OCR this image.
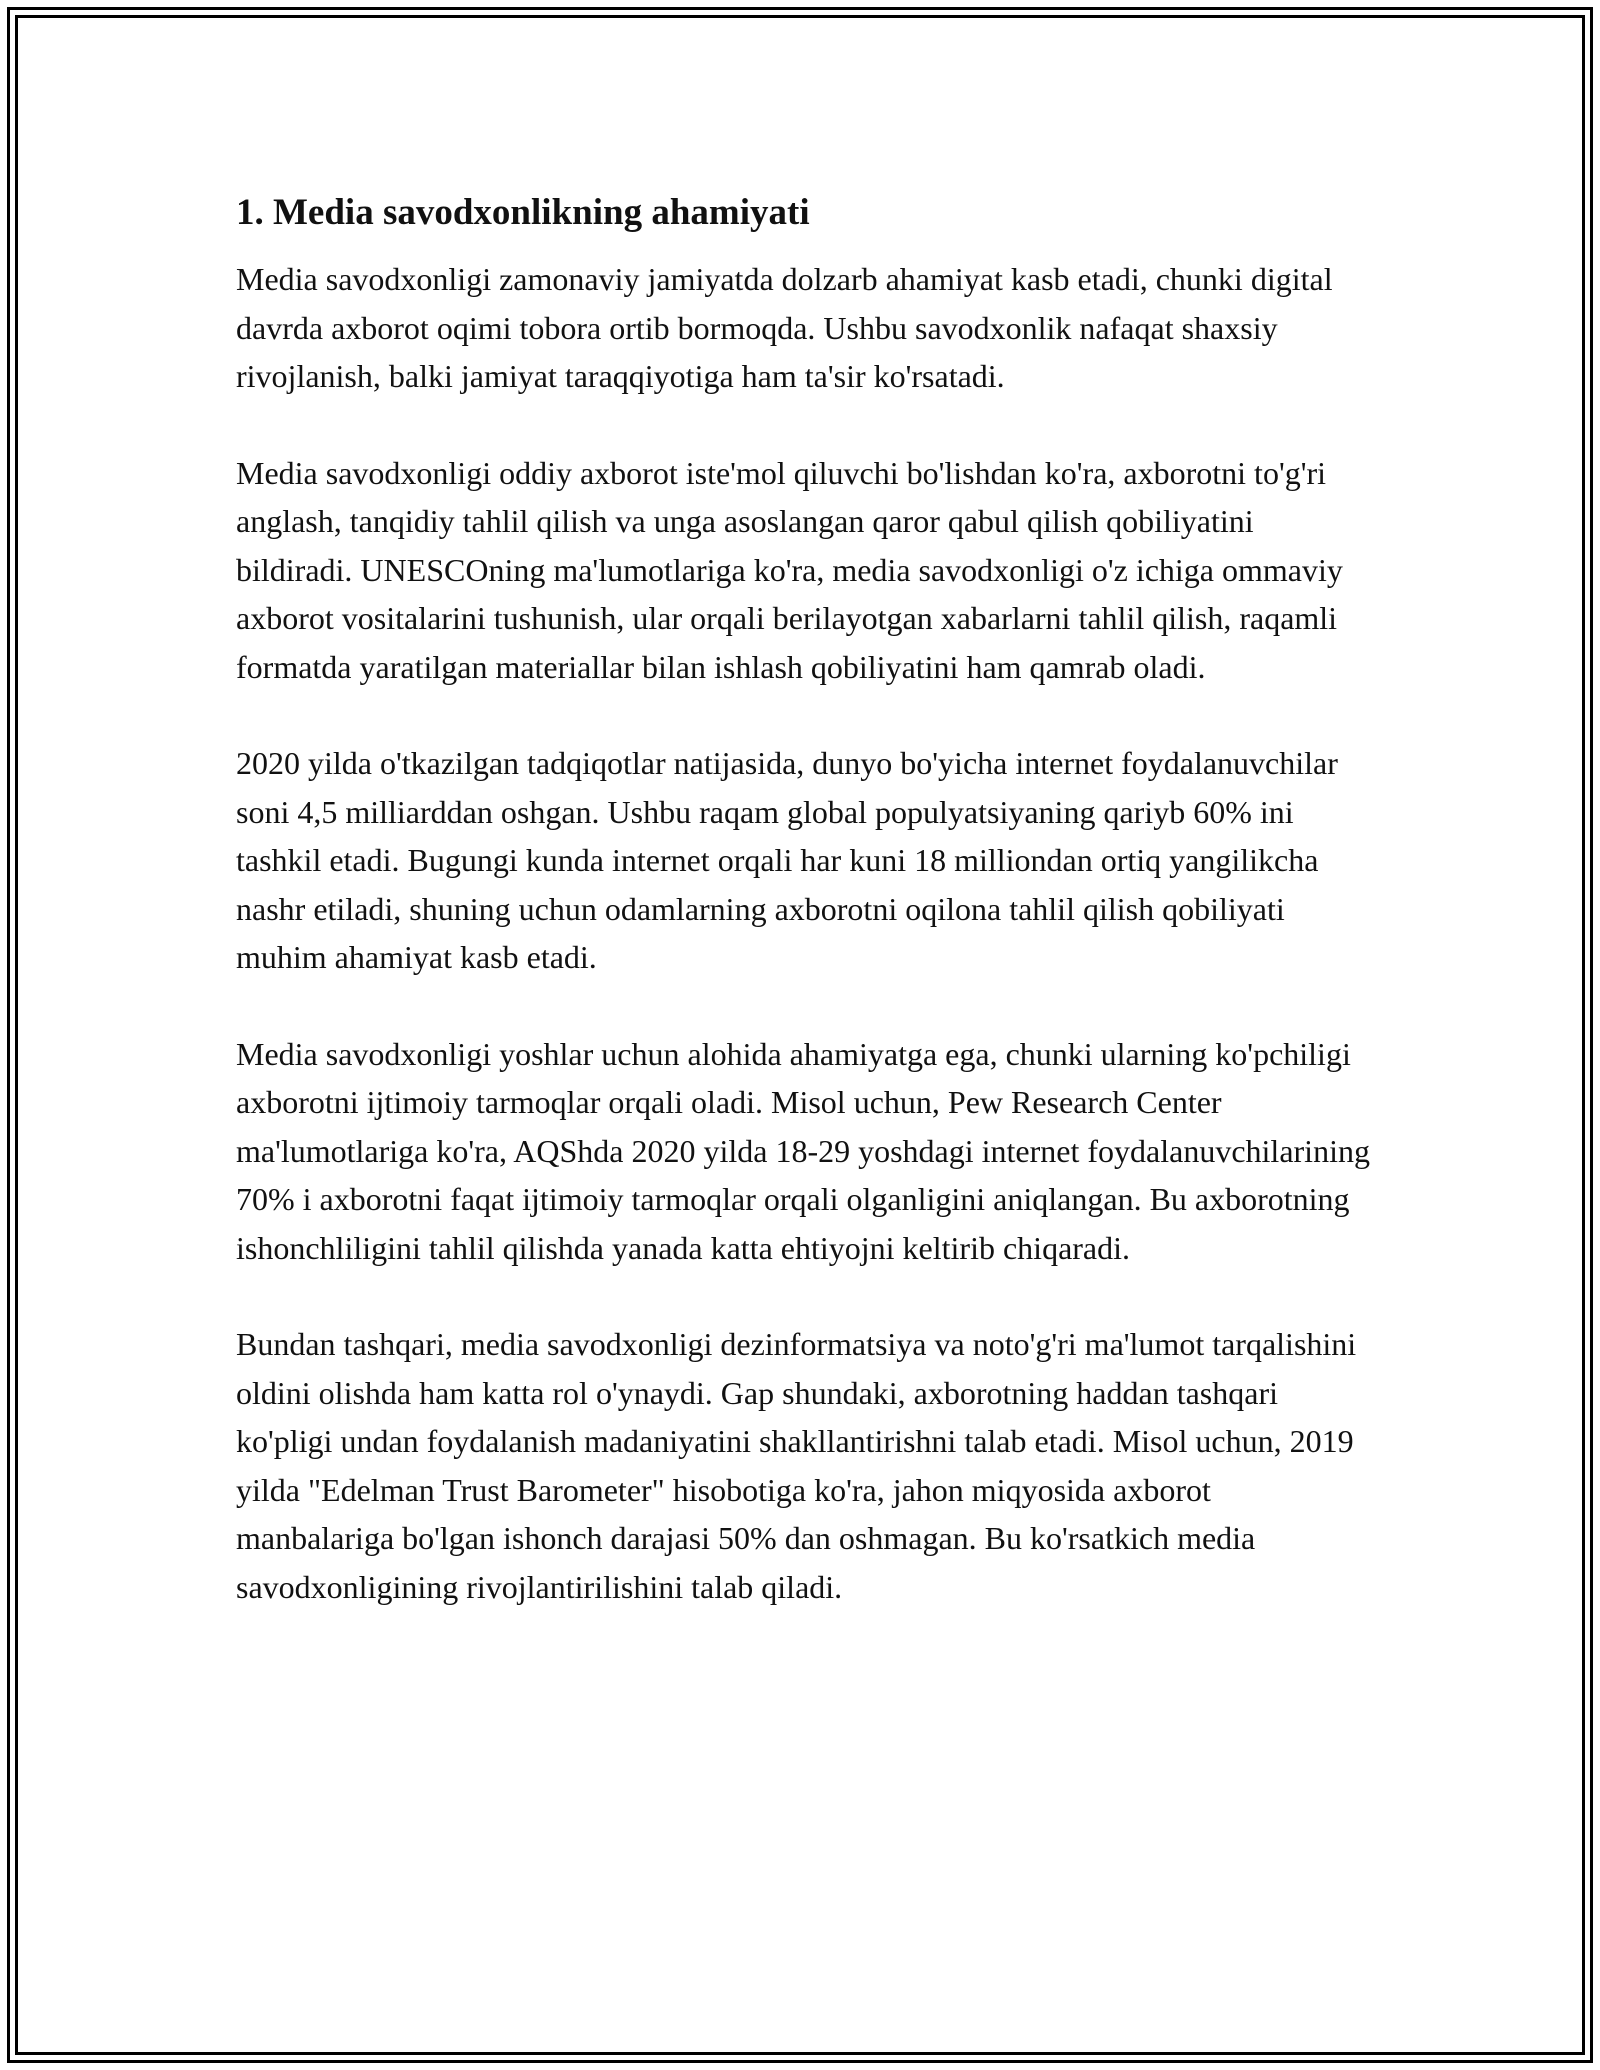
1. Media savodxonlikning ahamiyati

Media savodxonligi zamonaviy jamiyatda dolzarb ahamiyat kasb etadi, chunki digital davrda axborot oqimi tobora ortib bormoqda. Ushbu savodxonlik nafaqat shaxsiy rivojlanish, balki jamiyat taraqqiyotiga ham ta'sir ko'rsatadi.

Media savodxonligi oddiy axborot iste'mol qiluvchi bo'lishdan ko'ra, axborotni to'g'ri anglash, tanqidiy tahlil qilish va unga asoslangan qaror qabul qilish qobiliyatini bildiradi. UNESCOning ma'lumotlariga ko'ra, media savodxonligi o'z ichiga ommaviy axborot vositalarini tushunish, ular orqali berilayotgan xabarlarni tahlil qilish, raqamli formatda yaratilgan materiallar bilan ishlash qobiliyatini ham qamrab oladi.

2020 yilda o'tkazilgan tadqiqotlar natijasida, dunyo bo'yicha internet foydalanuvchilar soni 4,5 milliarddan oshgan. Ushbu raqam global populyatsiyaning qariyb 60% ini tashkil etadi. Bugungi kunda internet orqali har kuni 18 milliondan ortiq yangilikcha nashr etiladi, shuning uchun odamlarning axborotni oqilona tahlil qilish qobiliyati muhim ahamiyat kasb etadi.

Media savodxonligi yoshlar uchun alohida ahamiyatga ega, chunki ularning ko'pchiligi axborotni ijtimoiy tarmoqlar orqali oladi. Misol uchun, Pew Research Center ma'lumotlariga ko'ra, AQShda 2020 yilda 18-29 yoshdagi internet foydalanuvchilarining 70% i axborotni faqat ijtimoiy tarmoqlar orqali olganligini aniqlangan. Bu axborotning ishonchliligini tahlil qilishda yanada katta ehtiyojni keltirib chiqaradi.

Bundan tashqari, media savodxonligi dezinformatsiya va noto'g'ri ma'lumot tarqalishini oldini olishda ham katta rol o'ynaydi. Gap shundaki, axborotning haddan tashqari ko'pligi undan foydalanish madaniyatini shakllantirishni talab etadi. Misol uchun, 2019 yilda "Edelman Trust Barometer" hisobotiga ko'ra, jahon miqyosida axborot manbalariga bo'lgan ishonch darajasi 50% dan oshmagan. Bu ko'rsatkich media savodxonligining rivojlantirilishini talab qiladi.
